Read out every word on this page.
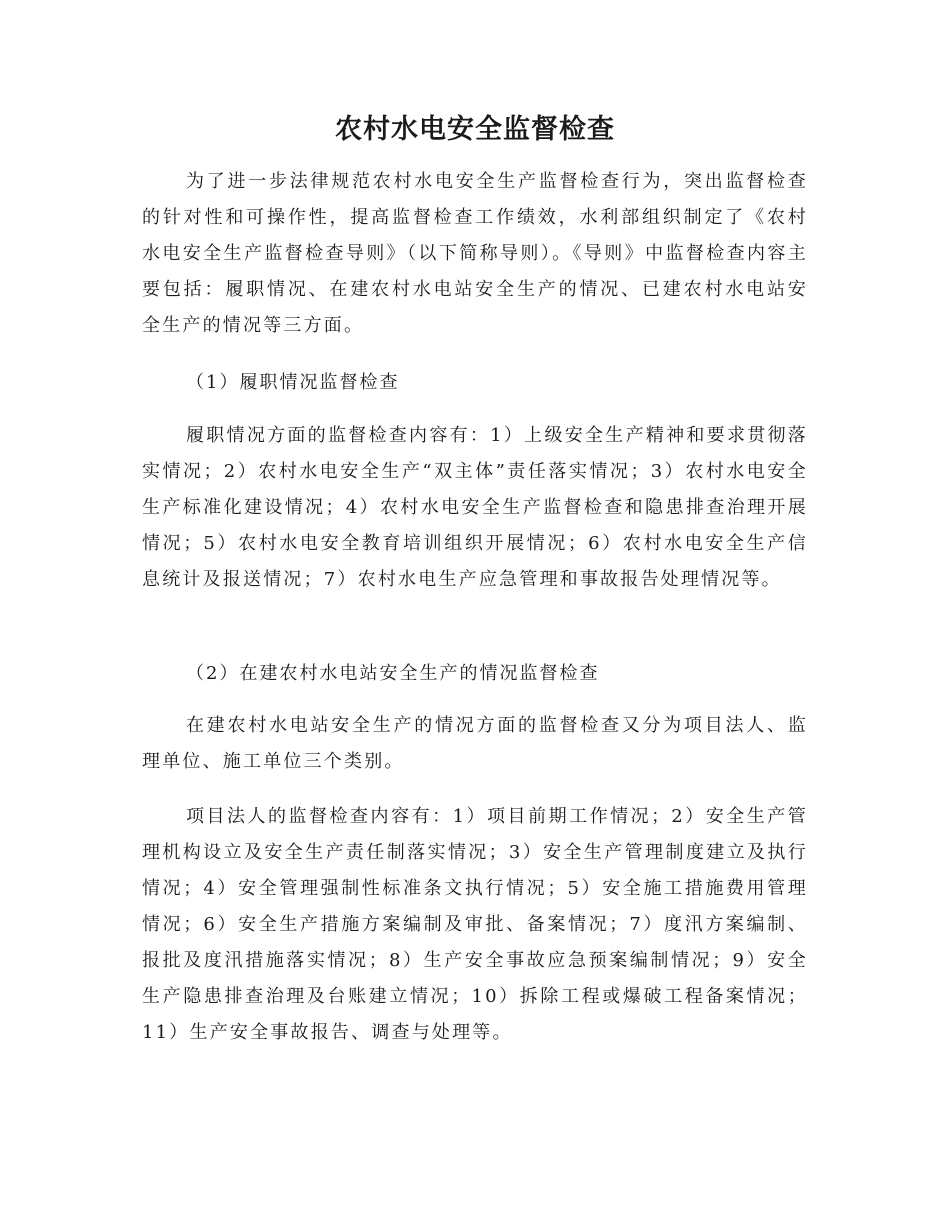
农村水电安全监督检查
为了进一步法律规范农村水电安全生产监督检查行为，突出监督检查的针对性和可操作性，提高监督检查工作绩效，水利部组织制定了《农村水电安全生产监督检查导则》（以下简称导则）。《导则》中监督检查内容主要包括：履职情况、在建农村水电站安全生产的情况、已建农村水电站安全生产的情况等三方面。
（1）履职情况监督检查
履职情况方面的监督检查内容有：1）上级安全生产精神和要求贯彻落实情况；2）农村水电安全生产“双主体”责任落实情况；3）农村水电安全生产标准化建设情况；4）农村水电安全生产监督检查和隐患排查治理开展情况；5）农村水电安全教育培训组织开展情况；6）农村水电安全生产信息统计及报送情况；7）农村水电生产应急管理和事故报告处理情况等。
（2）在建农村水电站安全生产的情况监督检查
在建农村水电站安全生产的情况方面的监督检查又分为项目法人、监理单位、施工单位三个类别。
项目法人的监督检查内容有：1）项目前期工作情况；2）安全生产管理机构设立及安全生产责任制落实情况；3）安全生产管理制度建立及执行情况；4）安全管理强制性标准条文执行情况；5）安全施工措施费用管理情况；6）安全生产措施方案编制及审批、备案情况；7）度汛方案编制、报批及度汛措施落实情况；8）生产安全事故应急预案编制情况；9）安全生产隐患排查治理及台账建立情况；10）拆除工程或爆破工程备案情况；11）生产安全事故报告、调查与处理等。
